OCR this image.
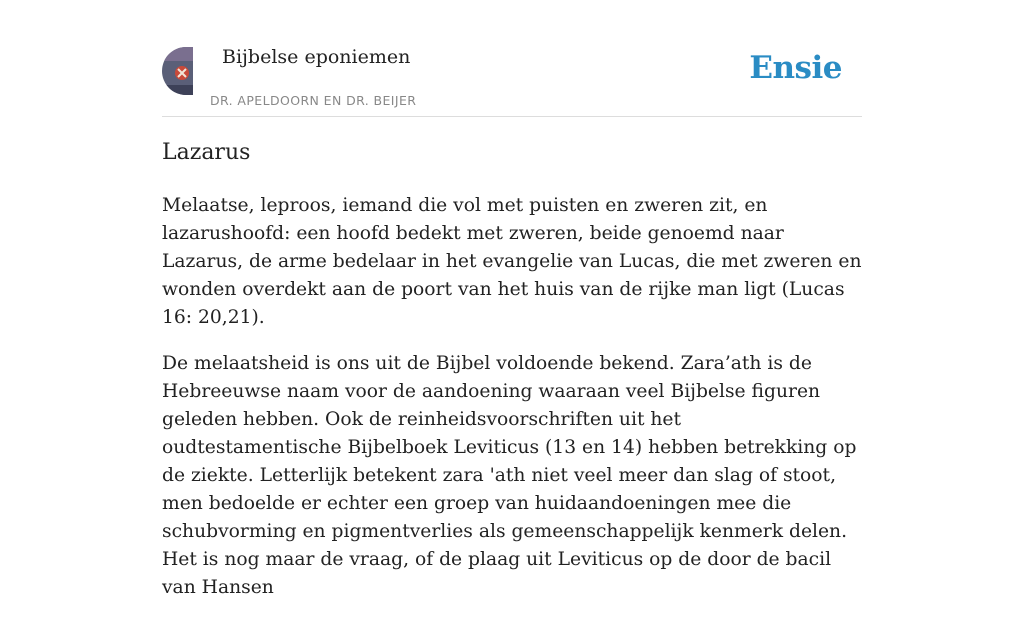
Bijbelse eponiemen
DR. APELDOORN EN DR. BEIJER
Ensie
Lazarus

Melaatse, leproos, iemand die vol met puisten en zweren zit, en lazarushoofd: een hoofd bedekt met zweren, beide genoemd naar Lazarus, de arme bedelaar in het evangelie van Lucas, die met zweren en wonden overdekt aan de poort van het huis van de rijke man ligt (Lucas 16: 20,21).

De melaatsheid is ons uit de Bijbel voldoende bekend. Zara’ath is de Hebreeuwse naam voor de aandoening waaraan veel Bijbelse figuren geleden hebben. Ook de reinheidsvoorschriften uit het oudtestamentische Bijbelboek Leviticus (13 en 14) hebben betrekking op de ziekte. Letterlijk betekent zara 'ath niet veel meer dan slag of stoot, men bedoelde er echter een groep van huidaandoeningen mee die schubvorming en pigmentverlies als gemeenschappelijk kenmerk delen. Het is nog maar de vraag, of de plaag uit Leviticus op de door de bacil van Hansen
